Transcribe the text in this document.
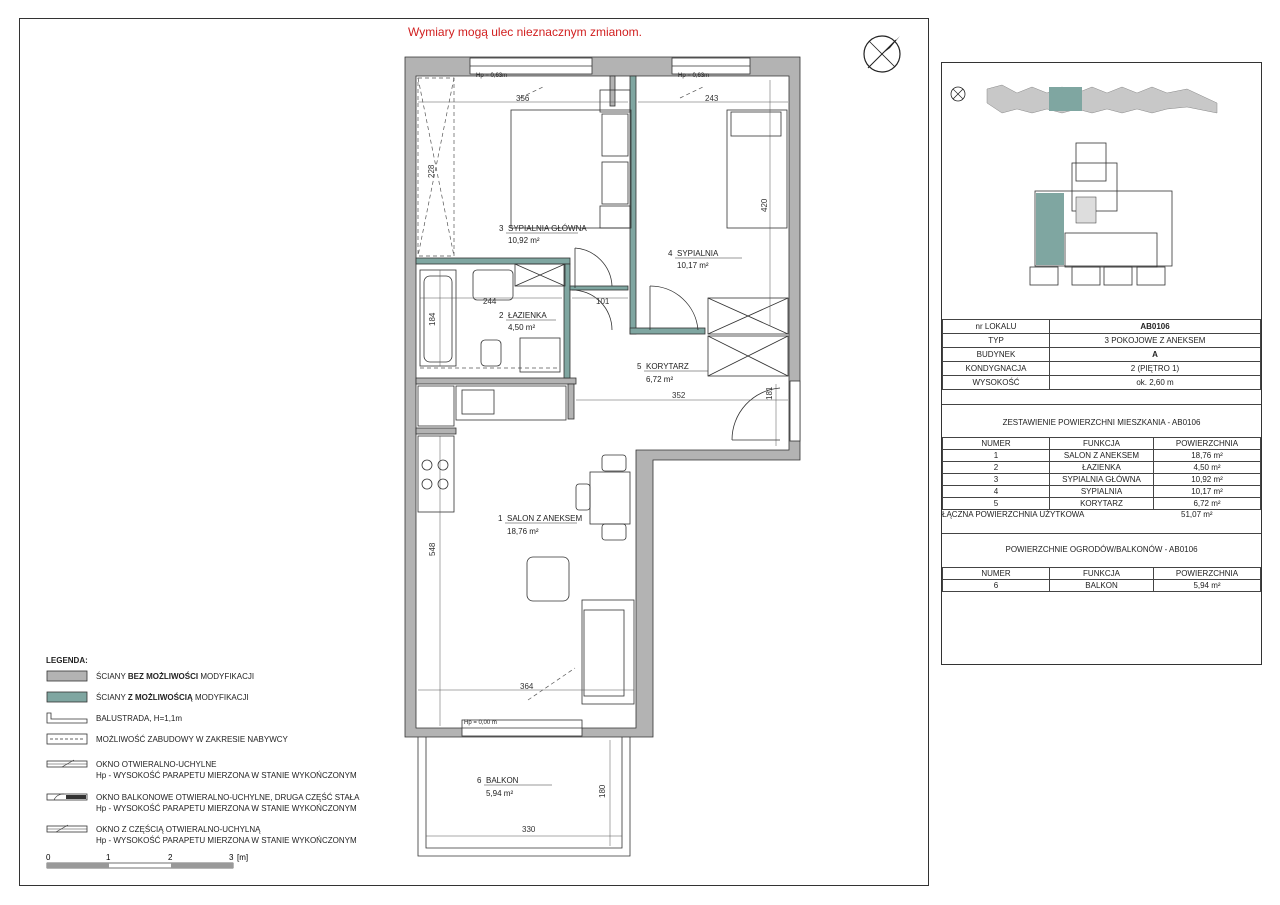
Wymiary mogą ulec nieznacznym zmianom.
Hp = 0,63m	Hp = 0,63m
Hp = 0,00 m
356	243
228
420
244	101
184
352	181
548
364
180
330
3 SYPIALNIA GŁÓWNA
10,92 m²
4 SYPIALNIA
10,17 m²
2 ŁAZIENKA
4,50 m²
5 KORYTARZ
6,72 m²
1 SALON Z ANEKSEM
18,76 m²
6 BALKON
5,94 m²
LEGENDA:
ŚCIANY BEZ MOŻLIWOŚCI MODYFIKACJI
ŚCIANY Z MOŻLIWOŚCIĄ MODYFIKACJI
BALUSTRADA, H=1,1m
MOŻLIWOŚĆ ZABUDOWY W ZAKRESIE NABYWCY
OKNO OTWIERALNO-UCHYLNE
Hp - WYSOKOŚĆ PARAPETU MIERZONA W STANIE WYKOŃCZONYM
OKNO BALKONOWE OTWIERALNO-UCHYLNE, DRUGA CZĘŚĆ STAŁA
Hp - WYSOKOŚĆ PARAPETU MIERZONA W STANIE WYKOŃCZONYM
OKNO Z CZĘŚCIĄ OTWIERALNO-UCHYLNĄ
Hp - WYSOKOŚĆ PARAPETU MIERZONA W STANIE WYKOŃCZONYM
0	1	2	3 [m]
nr LOKALU	AB0106
TYP	3 POKOJOWE Z ANEKSEM
BUDYNEK	A
KONDYGNACJA	2 (PIĘTRO 1)
WYSOKOŚĆ	ok. 2,60 m
ZESTAWIENIE POWIERZCHNI MIESZKANIA - AB0106
NUMER	FUNKCJA	POWIERZCHNIA
1	SALON Z ANEKSEM	18,76 m²
2	ŁAZIENKA	4,50 m²
3	SYPIALNIA GŁÓWNA	10,92 m²
4	SYPIALNIA	10,17 m²
5	KORYTARZ	6,72 m²
ŁĄCZNA POWIERZCHNIA UŻYTKOWA	51,07 m²
POWIERZCHNIE OGRODÓW/BALKONÓW - AB0106
NUMER	FUNKCJA	POWIERZCHNIA
6	BALKON	5,94 m²
